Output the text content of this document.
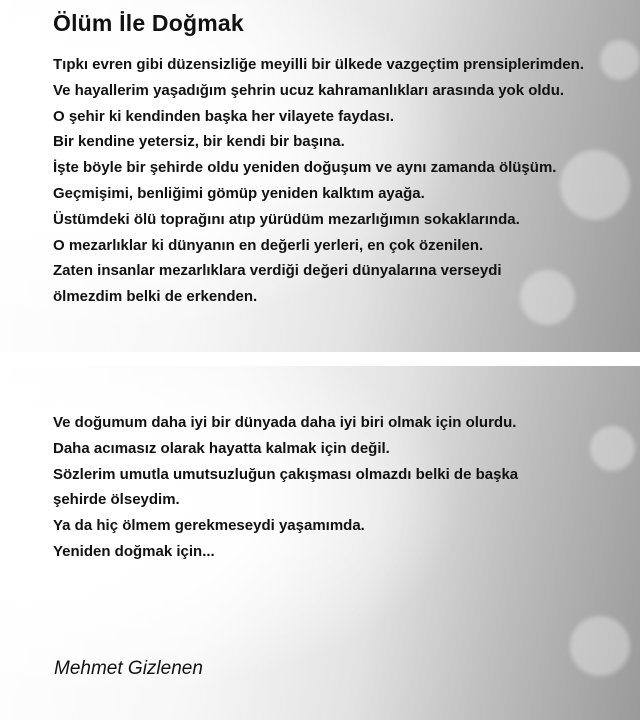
Ölüm İle Doğmak
Tıpkı evren gibi düzensizliğe meyilli bir ülkede vazgeçtim prensiplerimden.
Ve hayallerim yaşadığım şehrin ucuz kahramanlıkları arasında yok oldu.
O şehir ki kendinden başka her vilayete faydası.
Bir kendine yetersiz, bir kendi bir başına.
İşte böyle bir şehirde oldu yeniden doğuşum ve aynı zamanda ölüşüm.
Geçmişimi, benliğimi gömüp yeniden kalktım ayağa.
Üstümdeki ölü toprağını atıp yürüdüm mezarlığımın sokaklarında.
O mezarlıklar ki dünyanın en değerli yerleri, en çok özenilen.
Zaten insanlar mezarlıklara verdiği değeri dünyalarına verseydi
ölmezdim belki de erkenden.
Ve doğumum daha iyi bir dünyada daha iyi biri olmak için olurdu.
Daha acımasız olarak hayatta kalmak için değil.
Sözlerim umutla umutsuzluğun çakışması olmazdı belki de başka
şehirde ölseydim.
Ya da hiç ölmem gerekmeseydi yaşamımda.
Yeniden doğmak için...

Mehmet Gizlenen
